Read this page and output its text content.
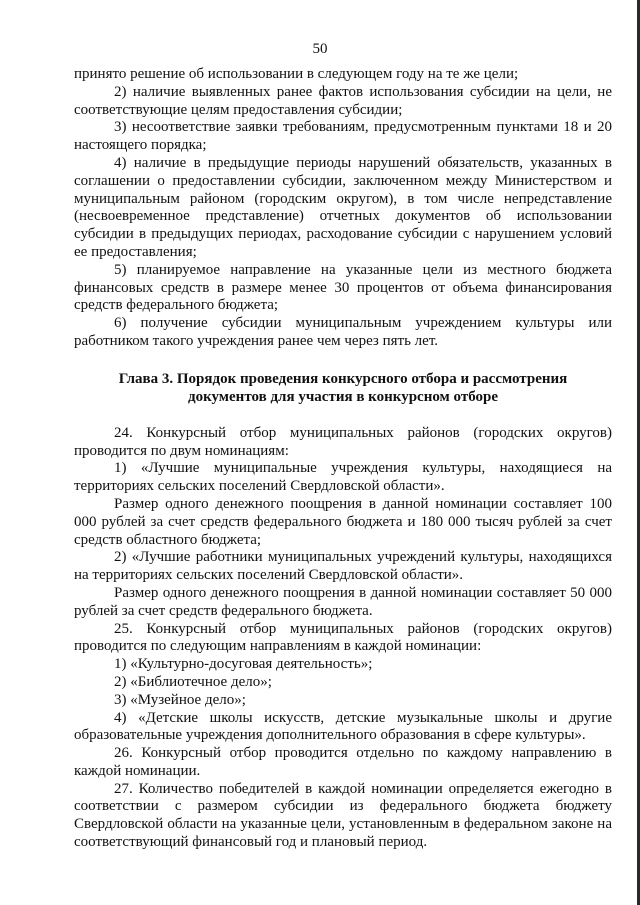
50

принято решение об использовании в следующем году на те же цели;

2) наличие выявленных ранее фактов использования субсидии на цели, не соответствующие целям предоставления субсидии;

3) несоответствие заявки требованиям, предусмотренным пунктами 18 и 20 настоящего порядка;

4) наличие в предыдущие периоды нарушений обязательств, указанных в соглашении о предоставлении субсидии, заключенном между Министерством и муниципальным районом (городским округом), в том числе непредставление (несвоевременное представление) отчетных документов об использовании субсидии в предыдущих периодах, расходование субсидии с нарушением условий ее предоставления;

5) планируемое направление на указанные цели из местного бюджета финансовых средств в размере менее 30 процентов от объема финансирования средств федерального бюджета;

6) получение субсидии муниципальным учреждением культуры или работником такого учреждения ранее чем через пять лет.

Глава 3. Порядок проведения конкурсного отбора и рассмотрения
документов для участия в конкурсном отборе

24. Конкурсный отбор муниципальных районов (городских округов) проводится по двум номинациям:

1) «Лучшие муниципальные учреждения культуры, находящиеся на территориях сельских поселений Свердловской области».

Размер одного денежного поощрения в данной номинации составляет 100 000 рублей за счет средств федерального бюджета и 180 000 тысяч рублей за счет средств областного бюджета;

2) «Лучшие работники муниципальных учреждений культуры, находящихся на территориях сельских поселений Свердловской области».

Размер одного денежного поощрения в данной номинации составляет 50 000 рублей за счет средств федерального бюджета.

25. Конкурсный отбор муниципальных районов (городских округов) проводится по следующим направлениям в каждой номинации:

1) «Культурно-досуговая деятельность»;

2) «Библиотечное дело»;

3) «Музейное дело»;

4) «Детские школы искусств, детские музыкальные школы и другие образовательные учреждения дополнительного образования в сфере культуры».

26. Конкурсный отбор проводится отдельно по каждому направлению в каждой номинации.

27. Количество победителей в каждой номинации определяется ежегодно в соответствии с размером субсидии из федерального бюджета бюджету Свердловской области на указанные цели, установленным в федеральном законе на соответствующий финансовый год и плановый период.
